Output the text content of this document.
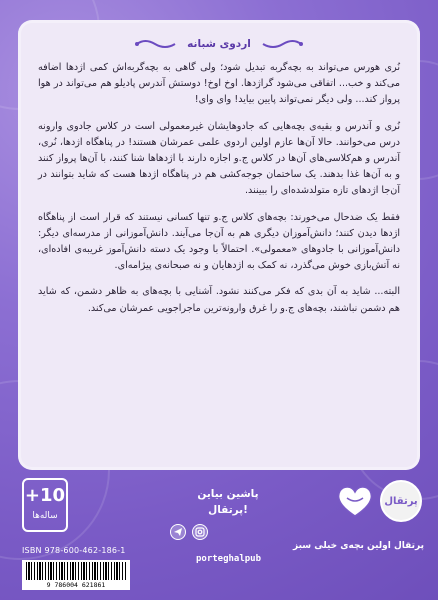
اردوی شبانه

نُری هورس می‌تواند به بچه‌گربه تبدیل شود؛ ولی گاهی به بچه‌گربه‌اش کمی اژدها اضافه می‌کند و خب... اتفاقی می‌شود گراژدها. اوخ اوخ! دوستش آندرس پادیلو هم می‌تواند در هوا پرواز کند... ولی دیگر نمی‌تواند پایین بیاید! وای وای!

نُری و آندرس و بقیه‌ی بچه‌هایی که جادوهایشان غیرمعمولی است در کلاس جادوی وارونه درس می‌خوانند. حالا آن‌ها عازم اولین اردوی علمی عمرشان هستند! در پناهگاه اژدها، نُری، آندرس و هم‌کلاسی‌های آن‌ها در کلاس ج.و اجازه دارند با اژدهاها شنا کنند، با آن‌ها پرواز کنند و به آن‌ها غذا بدهند. یک ساختمان جوجه‌کشی هم در پناهگاه اژدها هست که شاید بتوانند در آن‌جا اژدهای تازه متولدشده‌ای را ببینند.

فقط یک ضدحال می‌خورند: بچه‌های کلاس ج.و تنها کسانی نیستند که قرار است از پناهگاه اژدها دیدن کنند؛ دانش‌آموزان دیگری هم به آن‌جا می‌آیند. دانش‌آموزانی از مدرسه‌ای دیگر: دانش‌آموزانی با جادوهای «معمولی». احتمالاً با وجود یک دسته دانش‌آموز غریبه‌ی افاده‌ای، نه آتش‌بازی خوش می‌گذرد، نه کمک به اژدهایان و نه صبحانه‌ی پیژامه‌ای.

البته... شاید به آن بدی که فکر می‌کنند نشود. آشنایی با بچه‌های به ظاهر دشمن، که شاید هم دشمن نباشند، بچه‌های ج.و را غرق وارونه‌ترین ماجراجویی عمرشان می‌کند.

+10
ساله‌ها
ISBN 978-600-462-186-1
9 786004 621861
پاشین بیاین
پرتقال!
porteghalpub
پرتقال
پرتقال اولین بچه‌ی خیلی سبز
